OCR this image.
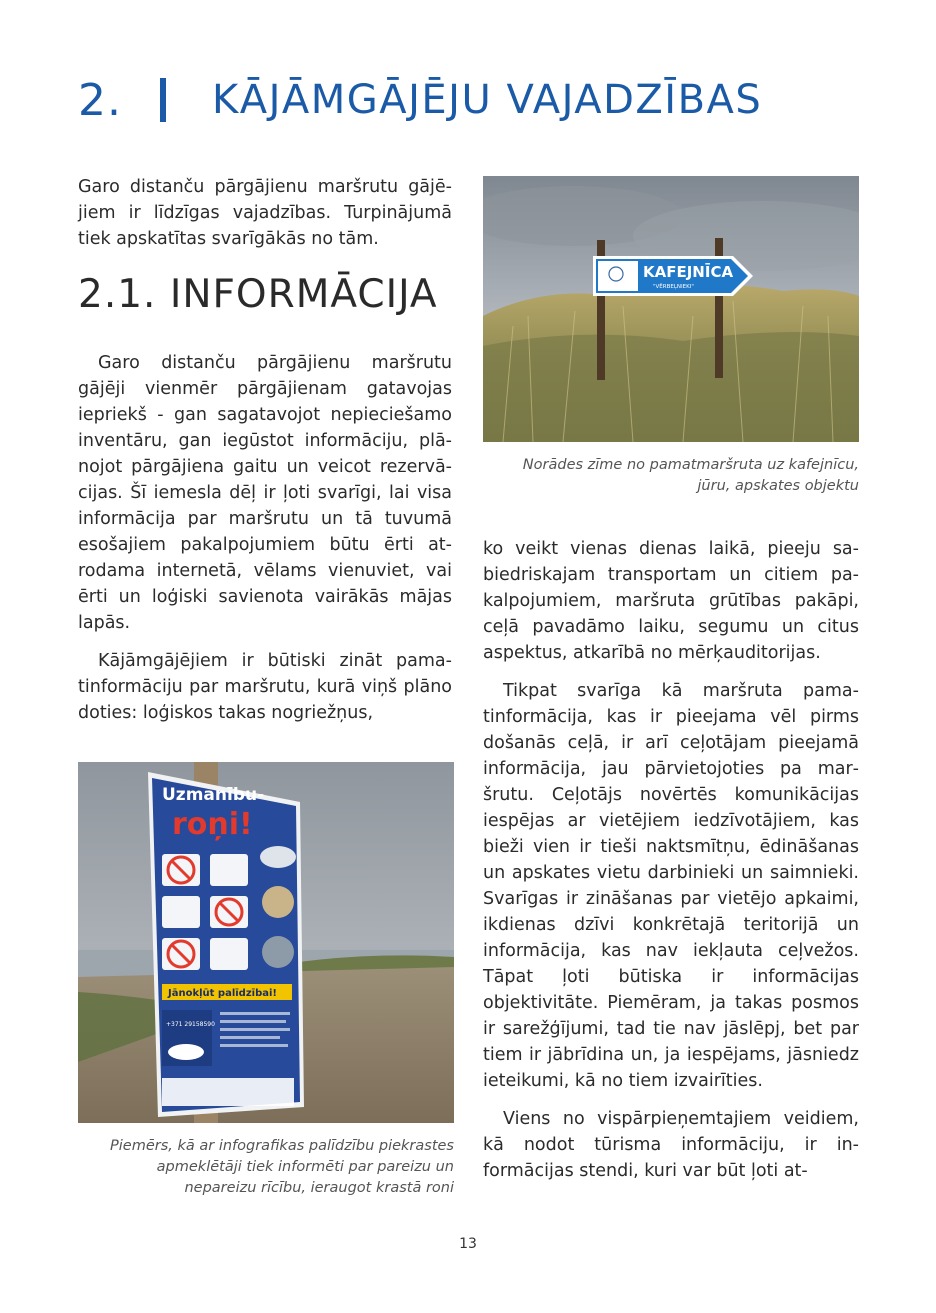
2. KĀJĀMGĀJĒJU VAJADZĪBAS

Garo distanču pārgājienu maršrutu gājējiem ir līdzīgas vajadzības. Turpinājumā tiek apskatītas svarīgākās no tām.

2.1. INFORMĀCIJA

Garo distanču pārgājienu maršrutu gājēji vienmēr pārgājienam gatavojas iepriekš - gan sagatavojot nepieciešamo inventāru, gan iegūstot informāciju, plānojot pārgājiena gaitu un veicot rezervācijas. Šī iemesla dēļ ir ļoti svarīgi, lai visa informācija par maršrutu un tā tuvumā esošajiem pakalpojumiem būtu ērti atrodama internetā, vēlams vienuviet, vai ērti un loģiski savienota vairākās mājas lapās.

Kājāmgājējiem ir būtiski zināt pamatinformāciju par maršrutu, kurā viņš plāno doties: loģiskos takas nogriežņus,

KAFEJNĪCA
"VĒRBEĻNIEKI"
Norādes zīme no pamatmaršruta uz kafejnīcu,
jūru, apskates objektu

ko veikt vienas dienas laikā, pieeju sabiedriskajam transportam un citiem pakalpojumiem, maršruta grūtības pakāpi, ceļā pavadāmo laiku, segumu un citus aspektus, atkarībā no mērķauditorijas.

Tikpat svarīga kā maršruta pamatinformācija, kas ir pieejama vēl pirms došanās ceļā, ir arī ceļotājam pieejamā informācija, jau pārvietojoties pa maršrutu. Ceļotājs novērtēs komunikācijas iespējas ar vietējiem iedzīvotājiem, kas bieži vien ir tieši naktsmītņu, ēdināšanas un apskates vietu darbinieki un saimnieki. Svarīgas ir zināšanas par vietējo apkaimi, ikdienas dzīvi konkrētajā teritorijā un informācija, kas nav iekļauta ceļvežos. Tāpat ļoti būtiska ir informācijas objektivitāte. Piemēram, ja takas posmos ir sarežģījumi, tad tie nav jāslēpj, bet par tiem ir jābrīdina un, ja iespējams, jāsniedz ieteikumi, kā no tiem izvairīties.

Viens no vispārpieņemtajiem veidiem, kā nodot tūrisma informāciju, ir informācijas stendi, kuri var būt ļoti at-

Uzmanību-
roņi!
Jānokļūt palīdzībai!
+371 29158590
Piemērs, kā ar infografikas palīdzību piekrastes
apmeklētāji tiek informēti par pareizu un
nepareizu rīcību, ieraugot krastā roni
13
